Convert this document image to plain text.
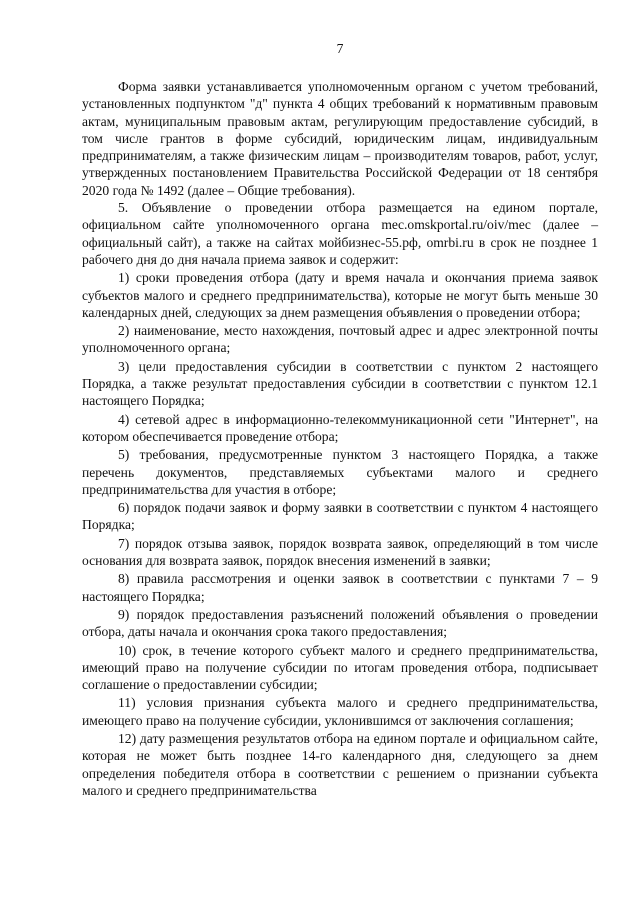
7

Форма заявки устанавливается уполномоченным органом с учетом требований, установленных подпунктом "д" пункта 4 общих требований к нормативным правовым актам, муниципальным правовым актам, регулирующим предоставление субсидий, в том числе грантов в форме субсидий, юридическим лицам, индивидуальным предпринимателям, а также физическим лицам – производителям товаров, работ, услуг, утвержденных постановлением Правительства Российской Федерации от 18 сентября 2020 года № 1492 (далее – Общие требования).

5. Объявление о проведении отбора размещается на едином портале, официальном сайте уполномоченного органа mec.omskportal.ru/oiv/mec (далее – официальный сайт), а также на сайтах мойбизнес-55.рф, omrbi.ru в срок не позднее 1 рабочего дня до дня начала приема заявок и содержит:

1) сроки проведения отбора (дату и время начала и окончания приема заявок субъектов малого и среднего предпринимательства), которые не могут быть меньше 30 календарных дней, следующих за днем размещения объявления о проведении отбора;

2) наименование, место нахождения, почтовый адрес и адрес электронной почты уполномоченного органа;

3) цели предоставления субсидии в соответствии с пунктом 2 настоящего Порядка, а также результат предоставления субсидии в соответствии с пунктом 12.1 настоящего Порядка;

4) сетевой адрес в информационно-телекоммуникационной сети "Интернет", на котором обеспечивается проведение отбора;

5) требования, предусмотренные пунктом 3 настоящего Порядка, а также перечень документов, представляемых субъектами малого и среднего предпринимательства для участия в отборе;

6) порядок подачи заявок и форму заявки в соответствии с пунктом 4 настоящего Порядка;

7) порядок отзыва заявок, порядок возврата заявок, определяющий в том числе основания для возврата заявок, порядок внесения изменений в заявки;

8) правила рассмотрения и оценки заявок в соответствии с пунктами 7 – 9 настоящего Порядка;

9) порядок предоставления разъяснений положений объявления о проведении отбора, даты начала и окончания срока такого предоставления;

10) срок, в течение которого субъект малого и среднего предпринимательства, имеющий право на получение субсидии по итогам проведения отбора, подписывает соглашение о предоставлении субсидии;

11) условия признания субъекта малого и среднего предпринимательства, имеющего право на получение субсидии, уклонившимся от заключения соглашения;

12) дату размещения результатов отбора на едином портале и официальном сайте, которая не может быть позднее 14-го календарного дня, следующего за днем определения победителя отбора в соответствии с решением о признании субъекта малого и среднего предпринимательства
